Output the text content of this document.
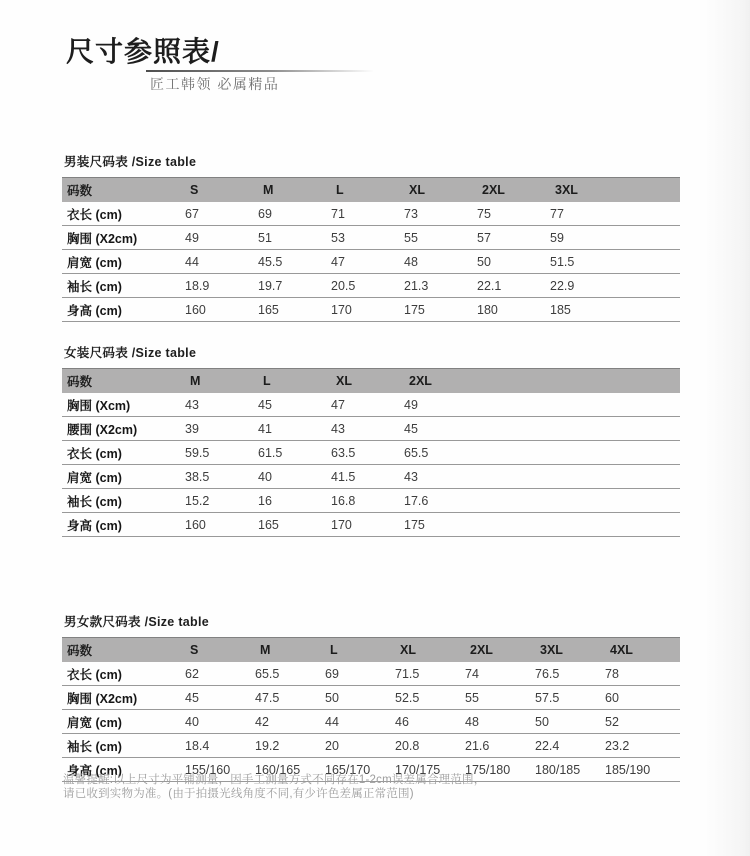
尺寸参照表/
匠工韩领 必属精品
男装尺码表 /Size table
码数	S	M	L	XL	2XL	3XL	
衣长 (cm)	67	69	71	73	75	77	
胸围 (X2cm)	49	51	53	55	57	59	
肩宽 (cm)	44	45.5	47	48	50	51.5	
袖长 (cm)	18.9	19.7	20.5	21.3	22.1	22.9	
身高 (cm)	160	165	170	175	180	185	
女装尺码表 /Size table
码数	M	L	XL	2XL	
胸围 (Xcm)	43	45	47	49	
腰围 (X2cm)	39	41	43	45	
衣长 (cm)	59.5	61.5	63.5	65.5	
肩宽 (cm)	38.5	40	41.5	43	
袖长 (cm)	15.2	16	16.8	17.6	
身高 (cm)	160	165	170	175	
男女款尺码表 /Size table
码数	S	M	L	XL	2XL	3XL	4XL	
衣长 (cm)	62	65.5	69	71.5	74	76.5	78	
胸围 (X2cm)	45	47.5	50	52.5	55	57.5	60	
肩宽 (cm)	40	42	44	46	48	50	52	
袖长 (cm)	18.4	19.2	20	20.8	21.6	22.4	23.2	
身高 (cm)	155/160	160/165	165/170	170/175	175/180	180/185	185/190	
温馨提醒:以上尺寸为平铺测量，因手工测量方式不同存在1-2cm误差属合理范围，
请已收到实物为准。(由于拍摄光线角度不同,有少许色差属正常范围)
